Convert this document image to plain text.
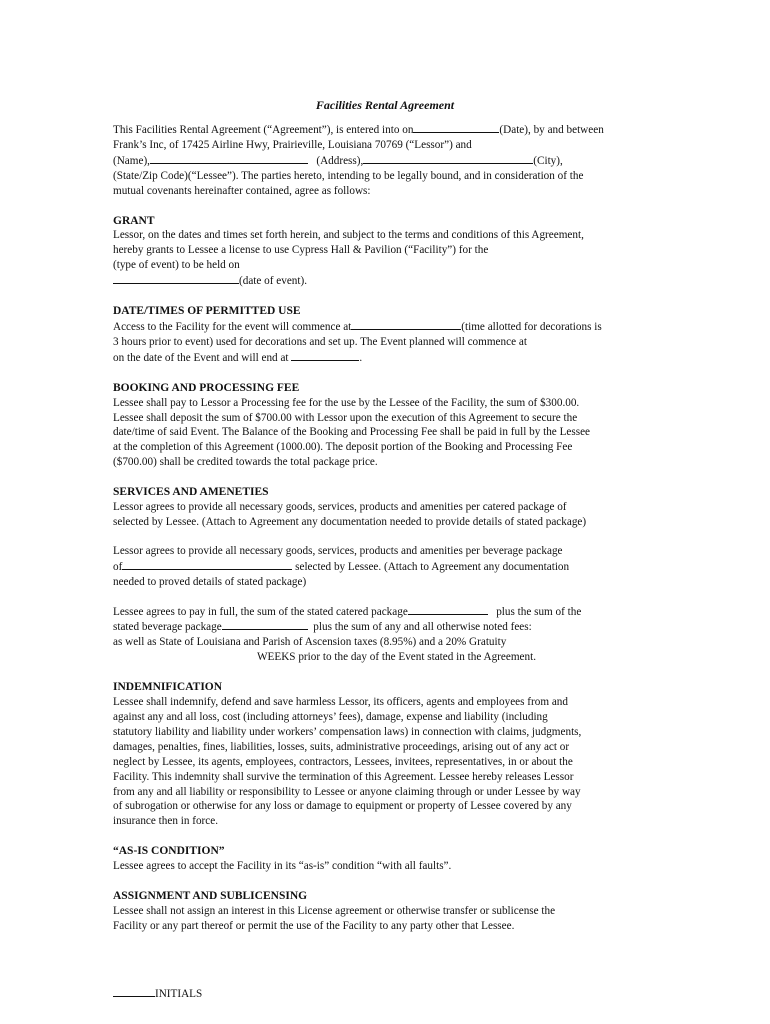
Facilities Rental Agreement
This Facilities Rental Agreement (“Agreement”), is entered into on	(Date), by and between
Frank’s Inc, of 17425 Airline Hwy, Prairieville, Louisiana 70769 (“Lessor”) and
(Name),	(Address),	(City),
(State/Zip Code)(“Lessee”). The parties hereto, intending to be legally bound, and in consideration of the
mutual covenants hereinafter contained, agree as follows:
GRANT
Lessor, on the dates and times set forth herein, and subject to the terms and conditions of this Agreement,
hereby grants to Lessee a license to use Cypress Hall & Pavilion (“Facility”) for the
(type of event) to be held on
(date of event).
DATE/TIMES OF PERMITTED USE
Access to the Facility for the event will commence at	(time allotted for decorations is
3 hours prior to event) used for decorations and set up. The Event planned will commence at
on the date of the Event and will end at	.
BOOKING AND PROCESSING FEE
Lessee shall pay to Lessor a Processing fee for the use by the Lessee of the Facility, the sum of $300.00.
Lessee shall deposit the sum of $700.00 with Lessor upon the execution of this Agreement to secure the
date/time of said Event. The Balance of the Booking and Processing Fee shall be paid in full by the Lessee
at the completion of this Agreement (1000.00). The deposit portion of the Booking and Processing Fee
($700.00) shall be credited towards the total package price.
SERVICES AND AMENETIES
Lessor agrees to provide all necessary goods, services, products and amenities per catered package of
selected by Lessee. (Attach to Agreement any documentation needed to provide details of stated package)
Lessor agrees to provide all necessary goods, services, products and amenities per beverage package
of	selected by Lessee. (Attach to Agreement any documentation
needed to proved details of stated package)
Lessee agrees to pay in full, the sum of the stated catered package	plus the sum of the
stated beverage package	plus the sum of any and all otherwise noted fees:
as well as State of Louisiana and Parish of Ascension taxes (8.95%) and a 20% Gratuity
WEEKS prior to the day of the Event stated in the Agreement.
INDEMNIFICATION
Lessee shall indemnify, defend and save harmless Lessor, its officers, agents and employees from and
against any and all loss, cost (including attorneys’ fees), damage, expense and liability (including
statutory liability and liability under workers’ compensation laws) in connection with claims, judgments,
damages, penalties, fines, liabilities, losses, suits, administrative proceedings, arising out of any act or
neglect by Lessee, its agents, employees, contractors, Lessees, invitees, representatives, in or about the
Facility. This indemnity shall survive the termination of this Agreement. Lessee hereby releases Lessor
from any and all liability or responsibility to Lessee or anyone claiming through or under Lessee by way
of subrogation or otherwise for any loss or damage to equipment or property of Lessee covered by any
insurance then in force.
“AS-IS CONDITION”
Lessee agrees to accept the Facility in its “as-is” condition “with all faults”.
ASSIGNMENT AND SUBLICENSING
Lessee shall not assign an interest in this License agreement or otherwise transfer or sublicense the
Facility or any part thereof or permit the use of the Facility to any party other that Lessee.
INITIALS
